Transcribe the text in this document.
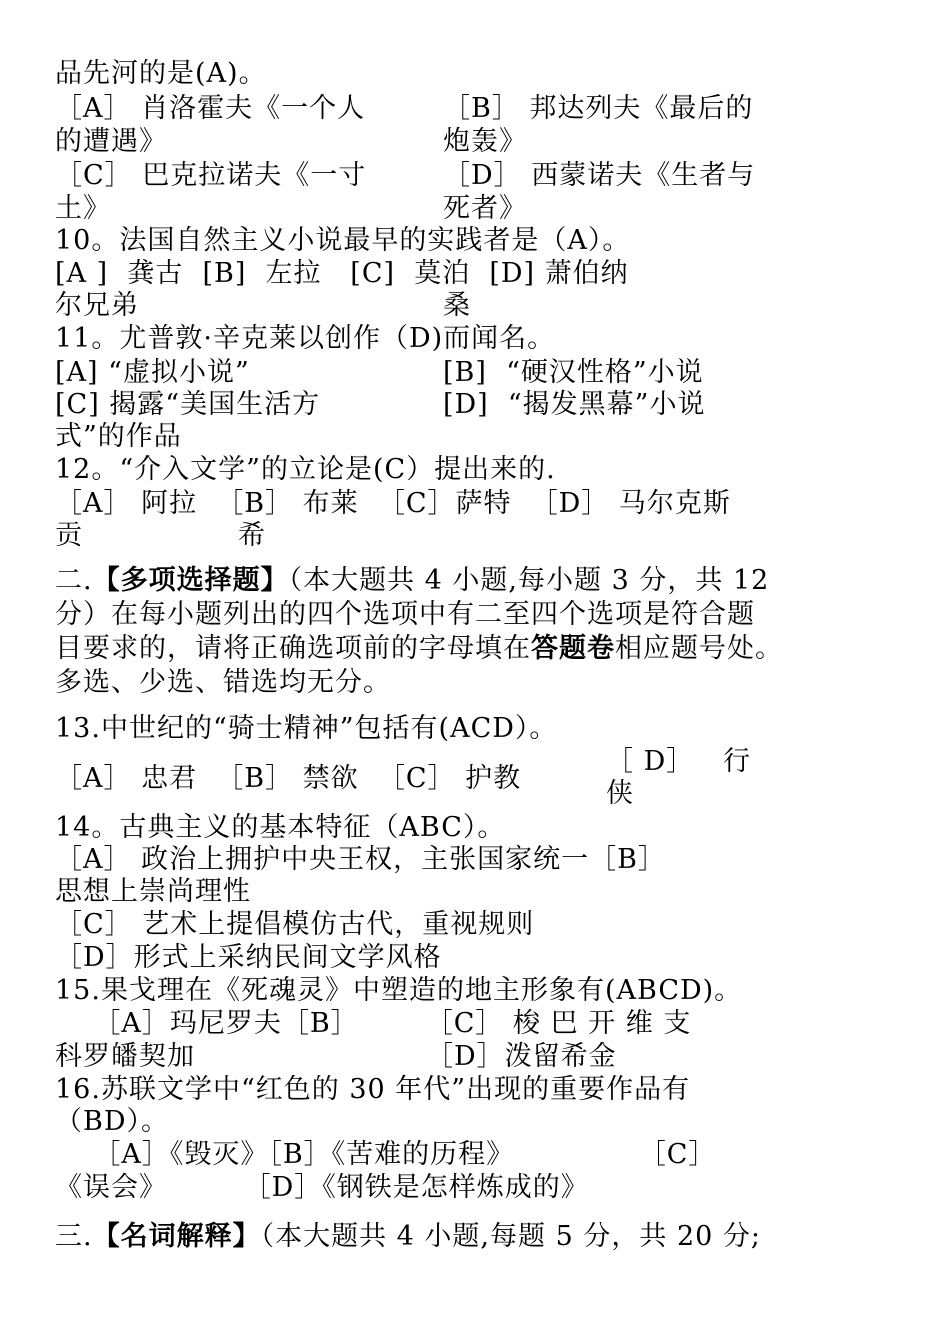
品先河的是(A)。
［A］ 肖洛霍夫《一个人	［B］ 邦达列夫《最后的
的遭遇》	炮轰》
［C］ 巴克拉诺夫《一寸	［D］ 西蒙诺夫《生者与
土》	死者》
10。法国自然主义小说最早的实践者是（A）。
[A ]  龚古  [B]  左拉   [C]  莫泊  [D] 萧伯纳
尔兄弟	桑
11。尤普敦·辛克莱以创作（D)而闻名。
[A] “虚拟小说”	[B]  “硬汉性格”小说
[C] 揭露“美国生活方	[D]  “揭发黑幕”小说
式”的作品
12。“介入文学”的立论是(C）提出来的.
［A］ 阿拉  ［B］ 布莱  ［C］萨特  ［D］ 马尔克斯
贡	希
二.【多项选择题】（本大题共 4 小题,每小题 3 分，共 12
分）在每小题列出的四个选项中有二至四个选项是符合题
目要求的，请将正确选项前的字母填在答题卷相应题号处。
多选、少选、错选均无分。
13.中世纪的“骑士精神”包括有(ACD）。
［A］ 忠君  ［B］ 禁欲  ［C］ 护教
［ D］   行
侠
14。古典主义的基本特征（ABC）。
［A］ 政治上拥护中央王权，主张国家统一［B］
思想上崇尚理性
［C］ 艺术上提倡模仿古代，重视规则
［D］形式上采纳民间文学风格
15.果戈理在《死魂灵》中塑造的地主形象有(ABCD)。
［A］玛尼罗夫［B］       ［C］ 梭 巴 开 维 支
科罗皤契加	［D］泼留希金
16.苏联文学中“红色的 30 年代”出现的重要作品有
（BD）。
［A］《毁灭》［B］《苦难的历程》             ［C］
《误会》        ［D］《钢铁是怎样炼成的》
三.【名词解释】（本大题共 4 小题,每题 5 分，共 20 分;
